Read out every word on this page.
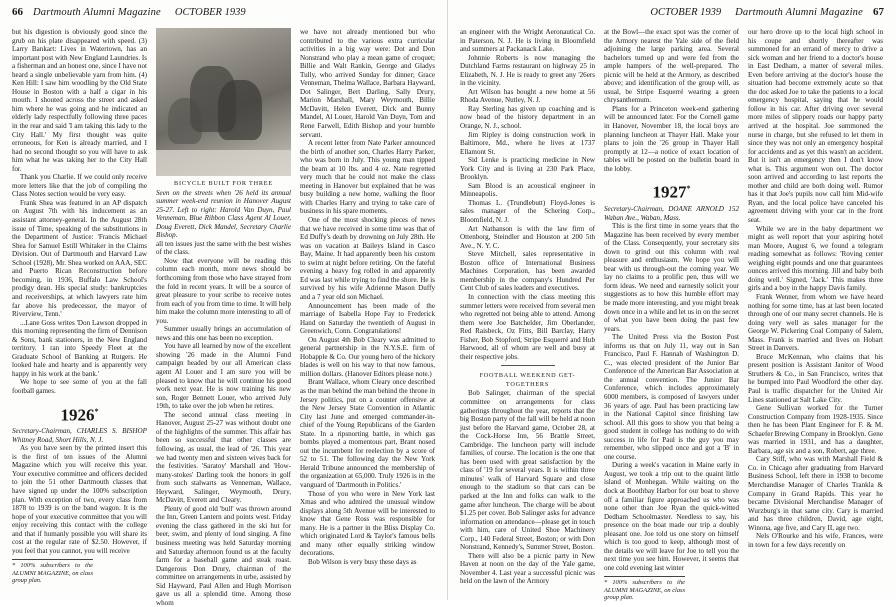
66 Dartmouth Alumni Magazine OCTOBER 1939

but his digestion is obviously good since the grub on his plate disappeared with speed. (3) Larry Bankart: Lives in Watertown, has an important post with New England Laundries. Is a fisherman and an honest one, since I have not heard a single unbelievable yarn from him. (4) Ken Hill: I saw him woodling by the Old State House in Boston with a half a cigar in his mouth. I shouted across the street and asked him where he was going and he indicated an elderly lady respectfully following three paces in the rear and said 'I am taking this lady to the City Hall.' My first thought was quite erroneous, for Ken is already married, and I had no second thought so you will have to ask him what he was taking her to the City Hall for.

Thank you Charlie. If we could only receive more letters like that the job of compiling the Class Notes section would be very easy.

Frank Shea was featured in an AP dispatch on August 7th with his inducement as an assistant attorney-general. In the August 28th issue of Time, speaking of the substitutions in the Department of Justice: 'Francis Michael Shea for Samuel Estill Whitaker in the Claims Division. Out of Dartmouth and Harvard Law School (1928), Mr. Shea worked on AAA, SEC and Puerto Rican Reconstruction before becoming, in 1936, Buffalo Law School's prodigy dean. His special study: bankruptcies and receiverships, at which lawyers rate him far above his predecessor, the mayor of Riverview, Tenn.'

...Lane Goss writes 'Don Lawson dropped in this morning representing the firm of Dennison & Sons, bank stationers, in the New England territory. I ran into Speedy Fleet at the Graduate School of Banking at Rutgers. He looked hale and hearty and is apparently very happy in his work at the bank.'

We hope to see some of you at the fall football games.

1926*

Secretary-Chairman, CHARLES S. BISHOP Whitney Road, Short Hills, N. J.

As you have seen by the printed insert this is the first of ten issues of the Alumni Magazine which you will receive this year. Your executive committee and officers decided to join the 51 other Dartmouth classes that have signed up under the 100% subscription plan. With exception of two, every class from 1878 to 1939 is on the band wagon. It is the hope of your executive committee that you will enjoy receiving this contact with the college and that if humanly possible you will share its cost at the regular rate of $2.50. However, if you feel that you cannot, you will receive

* 100% subscribers to the ALUMNI MAGAZINE, on class group plan.

BICYCLE BUILT FOR THREE

Seen on the streets when '26 held its annual summer week-end reunion in Hanover August 25-27. Left to right: Harold Van Duyn, Paul Venneman, Blue Ribbon Class Agent Al Louer, Doug Everett, Dick Mandel, Secretary Charlie Bishop.

all ten issues just the same with the best wishes of the class.

Now that everyone will be reading this column each month, more news should be forthcoming from those who have strayed from the fold in recent years. It will be a source of great pleasure to your scribe to receive notes from each of you from time to time. It will help him make the column more interesting to all of you.

Summer usually brings an accumulation of news and this one has been no exception.

You have all learned by now of the excellent showing '26 made in the Alumni Fund campaign headed by our all American class agent Al Louer and I am sure you will be pleased to know that he will continue his good work next year. He is now training his new son, Roger Bennett Louer, who arrived July 19th, to take over the job when he retires.

The second annual class meeting in Hanover, August 25-27 was without doubt one of the highlights of the summer. This affair has been so successful that other classes are following, as usual, the lead of '26. This year we had twenty men and sixteen wives back for the festivities. 'Saratoy' Marshall and 'How-many-stokes' Darling took the honors in golf from such stalwarts as Venneman, Wallace, Heyward, Salinger, Weymouth, Drury, McDavitt, Everett and Cleary.

Plenty of good old 'bull' was thrown around the Inn, Green Lantern and points west. Friday evening the class gathered in the ski hut for beer, swim, and plenty of loud singing. A fine business meeting was held Saturday morning and Saturday afternoon found us at the faculty farm for a baseball game and steak roast. Dangerous Don Drury, chairman of the committee on arrangements in urbe, assisted by Sid Hayward, Paul Allen and Hugh Morrison gave us all a splendid time. Among those whom

we have not already mentioned but who contributed to the various extra curricular activities in a big way were: Dot and Don Nonstrand who play a mean game of croquet; Billie and Walt Rankin, George and Gladys Tully, who arrived Sunday for dinner; Grace Venneman, Thelma Wallace, Barbara Hayward, Dot Salinger, Bert Darling, Sally Drury, Marion Marshall, Mary Weymouth, Billie McDavitt, Helen Everett, Dick and Bunny Mandel, Al Louer, Harold Van Duyn, Tom and Rene Farwell, Edith Bishop and your humble servant.

A recent letter from Nate Parker announced the birth of another son, Charles Harry Parker, who was born in July. This young man tipped the beam at 10 lbs. and 4 oz. Nate regretted very much that he could not make the class meeting in Hanover but explained that he was busy building a new home, walking the floor with Charles Harry and trying to take care of business in his spare moments.

One of the most shocking pieces of news that we have received in some time was that of Ed Duffy's death by drowning on July 28th. He was on vacation at Baileys Island in Casco Bay, Maine. It had apparently been his custom to swim at night before retiring. On the fateful evening a heavy fog rolled in and apparently Ed was last while trying to find the shore. He is survived by his wife Adrienne Mason Duffy and a 7 year old son Michael.

Announcement has been made of the marriage of Isabella Hope Fay to Frederick Hand on Saturday the twentieth of August in Greenwich, Conn. Congratulations!

On August 4th Bob Cleary was admitted to general partnership in the N.Y.S.E. firm of Hobapple & Co. Our young hero of the hickory blades is well on his way to that now famous, million dollars. (Hanover Editors please note.)

Brant Wallace, whom Cleary once described as the man behind the man behind the throne in Jersey politics, put on a counter offensive at the New Jersey State Convention in Atlantic City last June and emerged commander-in-chief of the Young Republicans of the Garden State. In a ripsnorting battle, in which gas bombs played a momentous part, Brant nosed out the incumbent for reelection by a score of 52 to 51. The following day the New York Herald Tribune announced the membership of the organization at 65,000. Truly 1926 is in the vanguard of 'Dartmouth in Politics.'

Those of you who were in New York last Xmas and who admired the unusual window displays along 5th Avenue will be interested to know that Gene Ross was responsible for many. He is a partner in the Bliss Display Co. which originated Lord & Taylor's famous bells and many other equally striking window decorations.

Bob Wilson is very busy these days as

OCTOBER 1939 Dartmouth Alumni Magazine 67

an engineer with the Wright Aeronautical Co. in Paterson, N. J. He is living in Bloomfield and summers at Packanack Lake.

Johnnie Roberts is now managing the Dutchland Farms restaurant on highway 25 in Elizabeth, N. J. He is ready to greet any '26ers in the vicinity.

Art Wilson has bought a new home at 56 Rhoda Avenue, Nutley, N. J.

Ray Sterling has given up coaching and is now head of the history department in an Orange, N. J., school.

Jim Ripley is doing construction work in Baltimore, Md., where he lives at 1737 Ellamont St.

Sid Lenke is practicing medicine in New York City and is living at 230 Park Place, Brooklyn.

Sam Blood is an acoustical engineer in Minneapolis.

Thomas L. (Trundlebutt) Floyd-Jones is sales manager of the Schering Corp., Bloomfield, N. J.

Art Nathanson is with the law firm of Ottenborg, Steindler and Houston at 200 5th Ave., N. Y. C.

Steve Mitchell, sales representative in Boston office of International Business Machines Corporation, has been awarded membership in the company's Hundred Per Cent Club of sales leaders and executives.

In connection with the class meeting this summer letters were received from several men who regretted not being able to attend. Among them were Joe Batchelder, Jim Oberlander, Red Raisbeck, Oz Fitts, Bill Barclay, Harry Fisher, Bob Stopford, Stripe Esquerré and Hub Harwood, all of whom are well and busy at their respective jobs.

FOOTBALL WEEKEND GET-TOGETHERS

Bob Salinger, chairman of the special committee on arrangements for class gatherings throughout the year, reports that the big Boston party of the fall will be held at noon just before the Harvard game, October 28, at the Cock-Horse Inn, 56 Brattle Street, Cambridge. The luncheon party will include families, of course. The location is the one that has been used with great satisfaction by the class of '19 for several years. It is within three minutes' walk of Harvard Square and close enough to the stadium so that cars can be parked at the Inn and folks can walk to the game after luncheon. The charge will be about $1.25 per cover. Bob Salinger asks for advance information on attendance—please get in touch with him, care of United Shoe Machinery Corp., 140 Federal Street, Boston; or with Don Nonstrand, Kennedy's, Summer Street, Boston.

There will also be a picnic party in New Haven at noon on the day of the Yale game, November 4. Last year a successful picnic was held on the lawn of the Armory

at the Bowl—the exact spot was the corner of the Armory nearest the Yale side of the field adjoining the large parking area. Several bachelors turned up and were fed from the ample hampers of the well-prepared. The picnic will be held at the Armory, as described above; and identification of the group will, as usual, be Stripe Esquerré wearing a green chrysanthemum.

Plans for a Princeton week-end gathering will be announced later. For the Cornell game in Hanover, November 18, the local boys are planning luncheon at Thayer Hall. Make your plans to join the '26 group in Thayer Hall promptly at 12—a notice of exact location of tables will be posted on the bulletin board in the lobby.

1927*

Secretary-Chairman, DOANE ARNOLD 152 Waban Ave., Waban, Mass.

This is the first time in some years that the Magazine has been received by every member of the Class. Consequently, your secretary sits down to grind out this column with real pleasure and enthusiasm. We hope you will bear with us through-out the coming year. We lay no claims to a prolific pen, thus will we form ideas. We need and earnestly solicit your suggestions as to how this humble effort may be made more interesting, and you might break down once in a while and let us in on the secret of what you have been doing the past few years.

The United Press via the Boston Post informs us that on July 11, way out in San Francisco, Paul F. Hannah of Washington D. C., was elected president of the Junior Bar Conference of the American Bar Association at the annual convention. The Junior Bar Conference, which includes approximately 6000 members, is composed of lawyers under 36 years of age. Paul has been practicing law in the National Capitol since finishing law school. All this goes to show you that being a good student in college has nothing to do with success in life for Paul is the guy you may remember, who slipped once and got a 'B' in one course.

During a week's vacation in Maine early in August, we took a trip out to the quaint little island of Monhegan. While waiting on the dock at Boothbay Harbor for our boat to shove off a familiar figure approached us who was none other than Joe Ryan the quick-witted Dedham Schoolmaster. Needless to say, his presence on the boat made our trip a doubly pleasant one. Joe told us one story on himself which is too good to keep, although most of the details we will leave for Joe to tell you the next time you see him. However, it seems that one cold evening last winter

* 100% subscribers to the ALUMNI MAGAZINE, on class group plan.

our hero drove up to the local high school in his coupe and shortly thereafter was summoned for an errand of mercy to drive a sick woman and her friend to a doctor's house in East Dedham, a matter of several miles. Even before arriving at the doctor's house the situation had become extremely acute so that the doc asked Joe to take the patients to a local emergency hospital, saying that he would follow in his car. After driving over several more miles of slippery roads our happy party arrived at the hospital. Joe summoned the nurse in charge, but she refused to let them in since they was not only an emergency hospital for accidents and as yet this wasn't an accident. But it isn't an emergency then I don't know what is. This argument won out. The doctor soon arrived and according to last reports the mother and child are both doing well. Rumor has it that Joe's pupils now call him Mid-wife Ryan, and the local police have canceled his agreement driving with your car in the front seat.

While we are in the baby department we might as well report that your aspiring hotel man Moore, August 6, we found a telegram reading somewhat as follows: 'Roving center weighing eight pounds and one that guarantees ounces arrived this morning. Jill and baby both doing well.' Signed, 'Jack.' This makes three girls and a boy in the happy Davis family.

Frank Wenner, from whom we have heard nothing for some time, has at last been located through one of our many secret channels. He is doing very well as sales manager for the George W. Pickering Coal Company of Salem, Mass. Frank is married and lives on Hobart Street in Danvers.

Bruce McKennan, who claims that his present position is Assistant Janitor of Wood Struthers & Co., in San Francisco, writes that he bumped into Paul Woodford the other day. Paul is traffic dispatcher for the United Air Lines stationed at Salt Lake City.

Gene Sullivan worked for the Turner Construction Company from 1928-1935. Since then he has been Plant Engineer for F. & M. Schaefer Brewing Company in Brooklyn. Gene was married in 1931, and has a daughter, Barbara, age six and a son, Robert, age three.

Cary Stiff, who was with Marshall Field & Co. in Chicago after graduating from Harvard Business School, left there in 1938 to become Merchandise Manager of Charles Trankla & Company in Grand Rapids. This year he became Divisional Merchandise Manager of Wurzburg's in that same city. Cary is married and has three children, David, age eight, Winona, age five, and Cary II, age two.

Nels O'Rourke and his wife, Frances, were in town for a few days recently on
